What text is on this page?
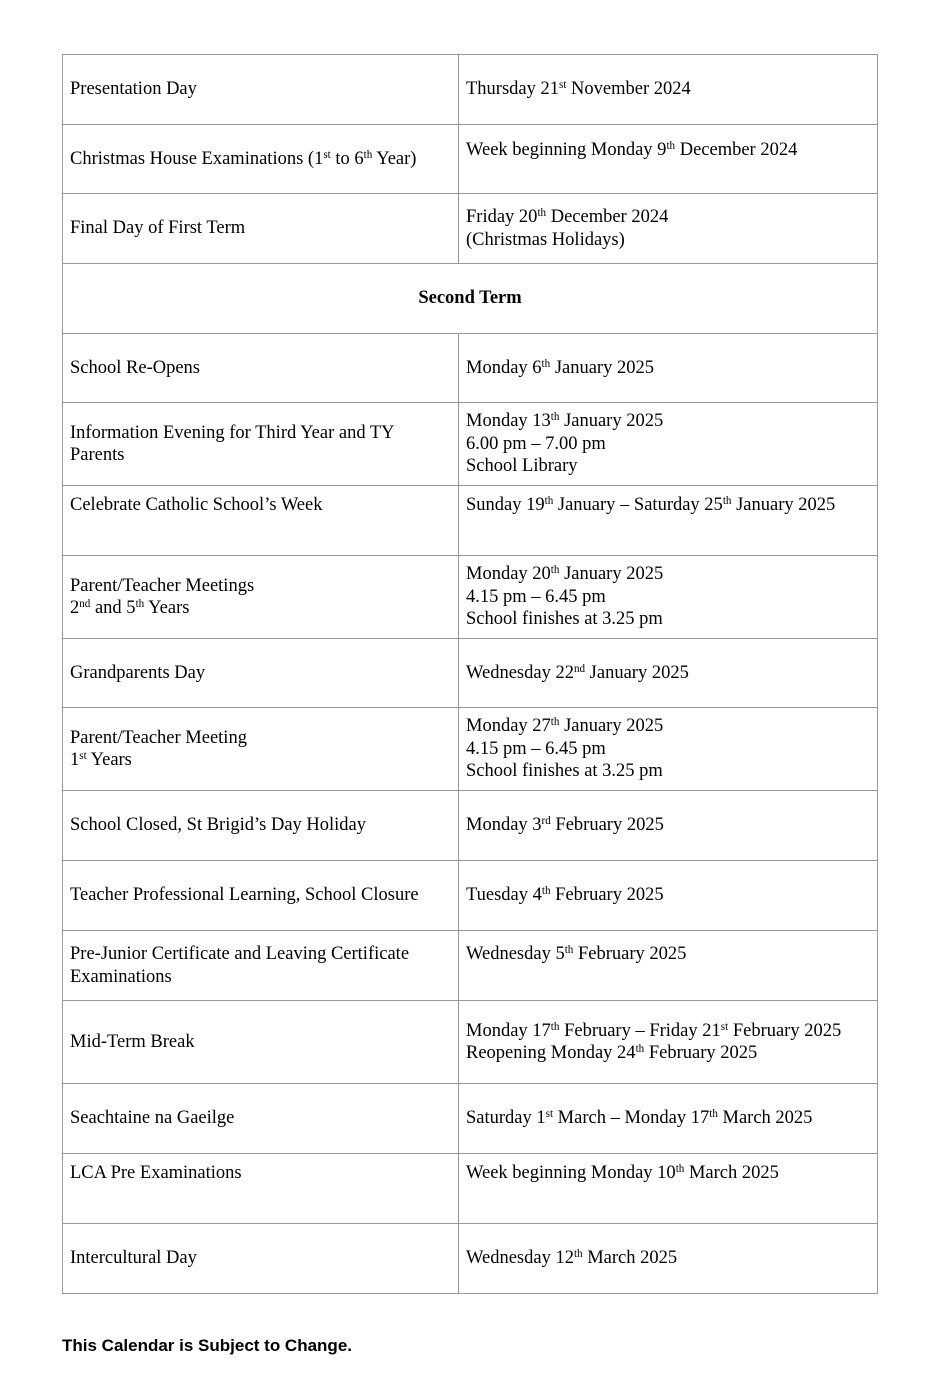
Presentation Day	Thursday 21st November 2024

Christmas House Examinations (1st to 6th Year)	Week beginning Monday 9th December 2024

Final Day of First Term	Friday 20th December 2024
(Christmas Holidays)

Second Term	

School Re-Opens	Monday 6th January 2025

Information Evening for Third Year and TY Parents	Monday 13th January 2025
6.00 pm – 7.00 pm
School Library

Celebrate Catholic School’s Week	Sunday 19th January – Saturday 25th January 2025

Parent/Teacher Meetings
2nd and 5th Years	Monday 20th January 2025
4.15 pm – 6.45 pm
School finishes at 3.25 pm

Grandparents Day	Wednesday 22nd January 2025

Parent/Teacher Meeting
1st Years	Monday 27th January 2025
4.15 pm – 6.45 pm
School finishes at 3.25 pm

School Closed, St Brigid’s Day Holiday	Monday 3rd February 2025

Teacher Professional Learning, School Closure	Tuesday 4th February 2025

Pre-Junior Certificate and Leaving Certificate Examinations	Wednesday 5th February 2025

Mid-Term Break	Monday 17th February – Friday 21st February 2025
Reopening Monday 24th February 2025

Seachtaine na Gaeilge	Saturday 1st March – Monday 17th March 2025

LCA Pre Examinations	Week beginning Monday 10th March 2025

Intercultural Day	Wednesday 12th March 2025
This Calendar is Subject to Change.
